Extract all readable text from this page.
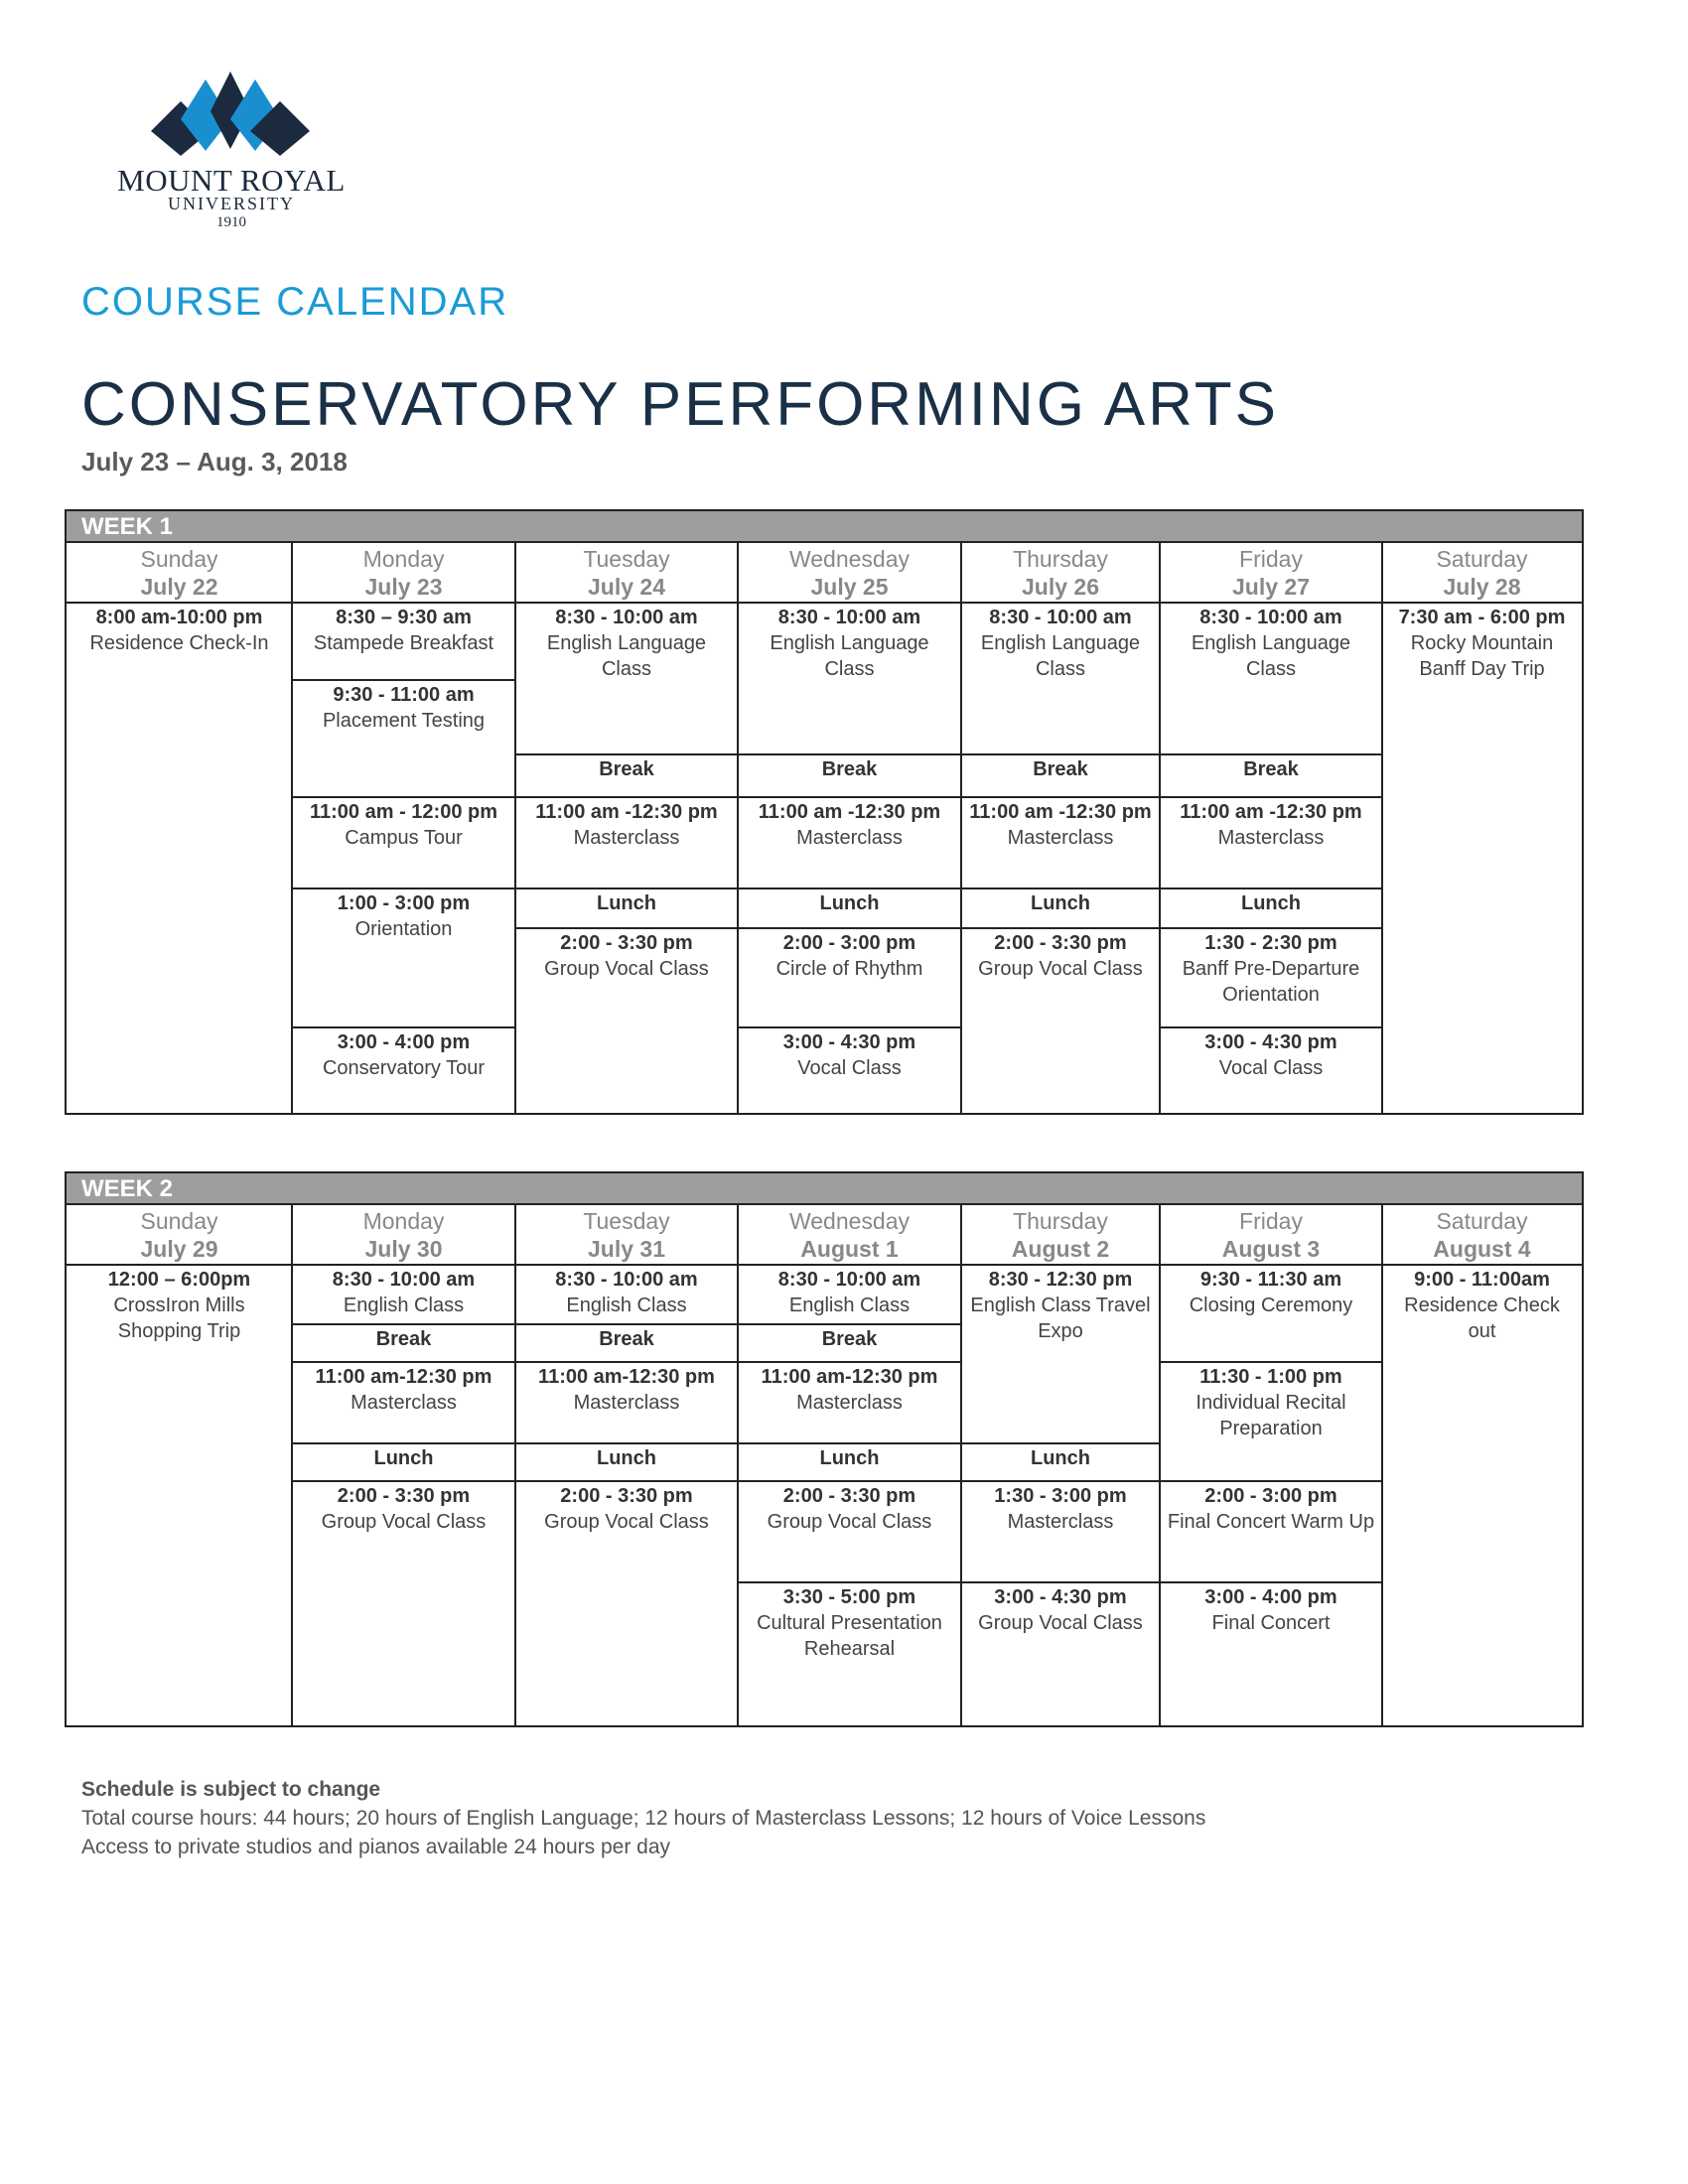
MOUNT ROYAL
UNIVERSITY
1910
COURSE CALENDAR
CONSERVATORY PERFORMING ARTS
July 23 – Aug. 3, 2018
WEEK 1
Sunday
July 22
Monday
July 23
Tuesday
July 24
Wednesday
July 25
Thursday
July 26
Friday
July 27
Saturday
July 28
8:00 am-10:00 pm
Residence Check-In
7:30 am - 6:00 pm
Rocky Mountain Banff Day Trip
8:30 – 9:30 am
Stampede Breakfast
9:30 - 11:00 am
Placement Testing
11:00 am - 12:00 pm
Campus Tour
1:00 - 3:00 pm
Orientation
3:00 - 4:00 pm
Conservatory Tour
8:30 - 10:00 am
English Language Class
Break
11:00 am -12:30 pm
Masterclass
Lunch
2:00 - 3:30 pm
Group Vocal Class
8:30 - 10:00 am
English Language Class
Break
11:00 am -12:30 pm
Masterclass
Lunch
2:00 - 3:00 pm
Circle of Rhythm
3:00 - 4:30 pm
Vocal Class
8:30 - 10:00 am
English Language Class
Break
11:00 am -12:30 pm
Masterclass
Lunch
2:00 - 3:30 pm
Group Vocal Class
8:30 - 10:00 am
English Language Class
Break
11:00 am -12:30 pm
Masterclass
Lunch
1:30 - 2:30 pm
Banff Pre-Departure Orientation
3:00 - 4:30 pm
Vocal Class
WEEK 2
Sunday
July 29
Monday
July 30
Tuesday
July 31
Wednesday
August 1
Thursday
August 2
Friday
August 3
Saturday
August 4
12:00 – 6:00pm
CrossIron Mills Shopping Trip
9:00 - 11:00am
Residence Check out
8:30 - 10:00 am
English Class
Break
11:00 am-12:30 pm
Masterclass
Lunch
2:00 - 3:30 pm
Group Vocal Class
8:30 - 10:00 am
English Class
Break
11:00 am-12:30 pm
Masterclass
Lunch
2:00 - 3:30 pm
Group Vocal Class
8:30 - 10:00 am
English Class
Break
11:00 am-12:30 pm
Masterclass
Lunch
2:00 - 3:30 pm
Group Vocal Class
3:30 - 5:00 pm
Cultural Presentation Rehearsal
8:30 - 12:30 pm
English Class Travel Expo
Lunch
1:30 - 3:00 pm
Masterclass
3:00 - 4:30 pm
Group Vocal Class
9:30 - 11:30 am
Closing Ceremony
11:30 - 1:00 pm
Individual Recital Preparation
2:00 - 3:00 pm
Final Concert Warm Up
3:00 - 4:00 pm
Final Concert
Schedule is subject to change
Total course hours: 44 hours; 20 hours of English Language; 12 hours of Masterclass Lessons; 12 hours of Voice Lessons
Access to private studios and pianos available 24 hours per day
